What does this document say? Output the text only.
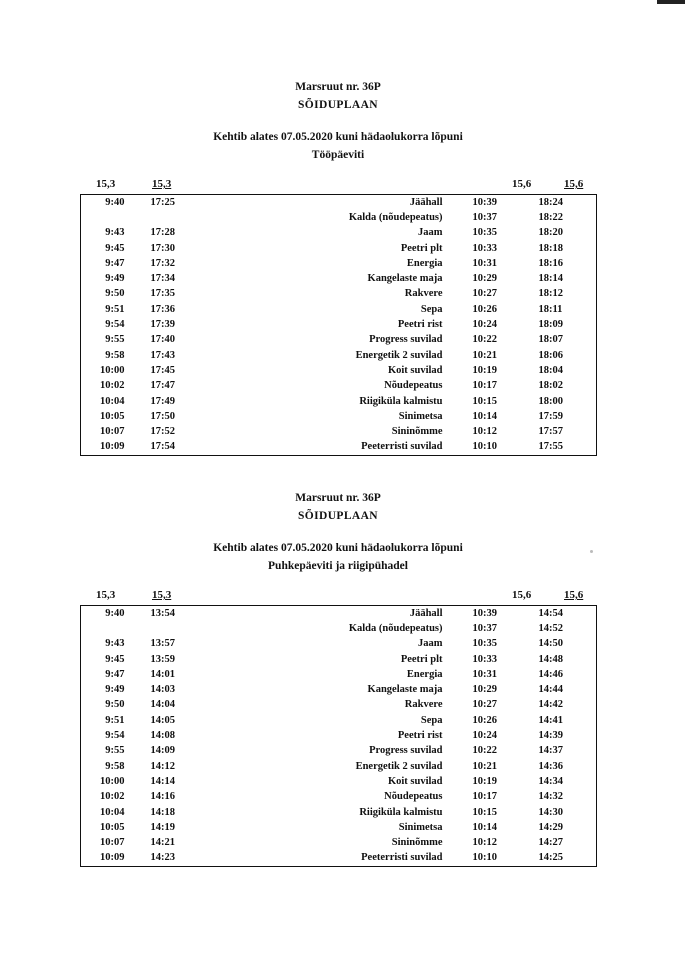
Marsruut nr. 36P
SÕIDUPLAAN
Kehtib alates 07.05.2020 kuni hädaolukorra lõpuni
Tööpäeviti
15,3	15,3	15,6	15,6
9:40	17:25	Jäähall	10:39	18:24
		Kalda (nõudepeatus)	10:37	18:22
9:43	17:28	Jaam	10:35	18:20
9:45	17:30	Peetri plt	10:33	18:18
9:47	17:32	Energia	10:31	18:16
9:49	17:34	Kangelaste maja	10:29	18:14
9:50	17:35	Rakvere	10:27	18:12
9:51	17:36	Sepa	10:26	18:11
9:54	17:39	Peetri rist	10:24	18:09
9:55	17:40	Progress suvilad	10:22	18:07
9:58	17:43	Energetik 2 suvilad	10:21	18:06
10:00	17:45	Koit suvilad	10:19	18:04
10:02	17:47	Nõudepeatus	10:17	18:02
10:04	17:49	Riigiküla kalmistu	10:15	18:00
10:05	17:50	Sinimetsa	10:14	17:59
10:07	17:52	Sininõmme	10:12	17:57
10:09	17:54	Peeterristi suvilad	10:10	17:55
Marsruut nr. 36P
SÕIDUPLAAN
Kehtib alates 07.05.2020 kuni hädaolukorra lõpuni
Puhkepäeviti ja riigipühadel
15,3	15,3	15,6	15,6
9:40	13:54	Jäähall	10:39	14:54
		Kalda (nõudepeatus)	10:37	14:52
9:43	13:57	Jaam	10:35	14:50
9:45	13:59	Peetri plt	10:33	14:48
9:47	14:01	Energia	10:31	14:46
9:49	14:03	Kangelaste maja	10:29	14:44
9:50	14:04	Rakvere	10:27	14:42
9:51	14:05	Sepa	10:26	14:41
9:54	14:08	Peetri rist	10:24	14:39
9:55	14:09	Progress suvilad	10:22	14:37
9:58	14:12	Energetik 2 suvilad	10:21	14:36
10:00	14:14	Koit suvilad	10:19	14:34
10:02	14:16	Nõudepeatus	10:17	14:32
10:04	14:18	Riigiküla kalmistu	10:15	14:30
10:05	14:19	Sinimetsa	10:14	14:29
10:07	14:21	Sininõmme	10:12	14:27
10:09	14:23	Peeterristi suvilad	10:10	14:25
